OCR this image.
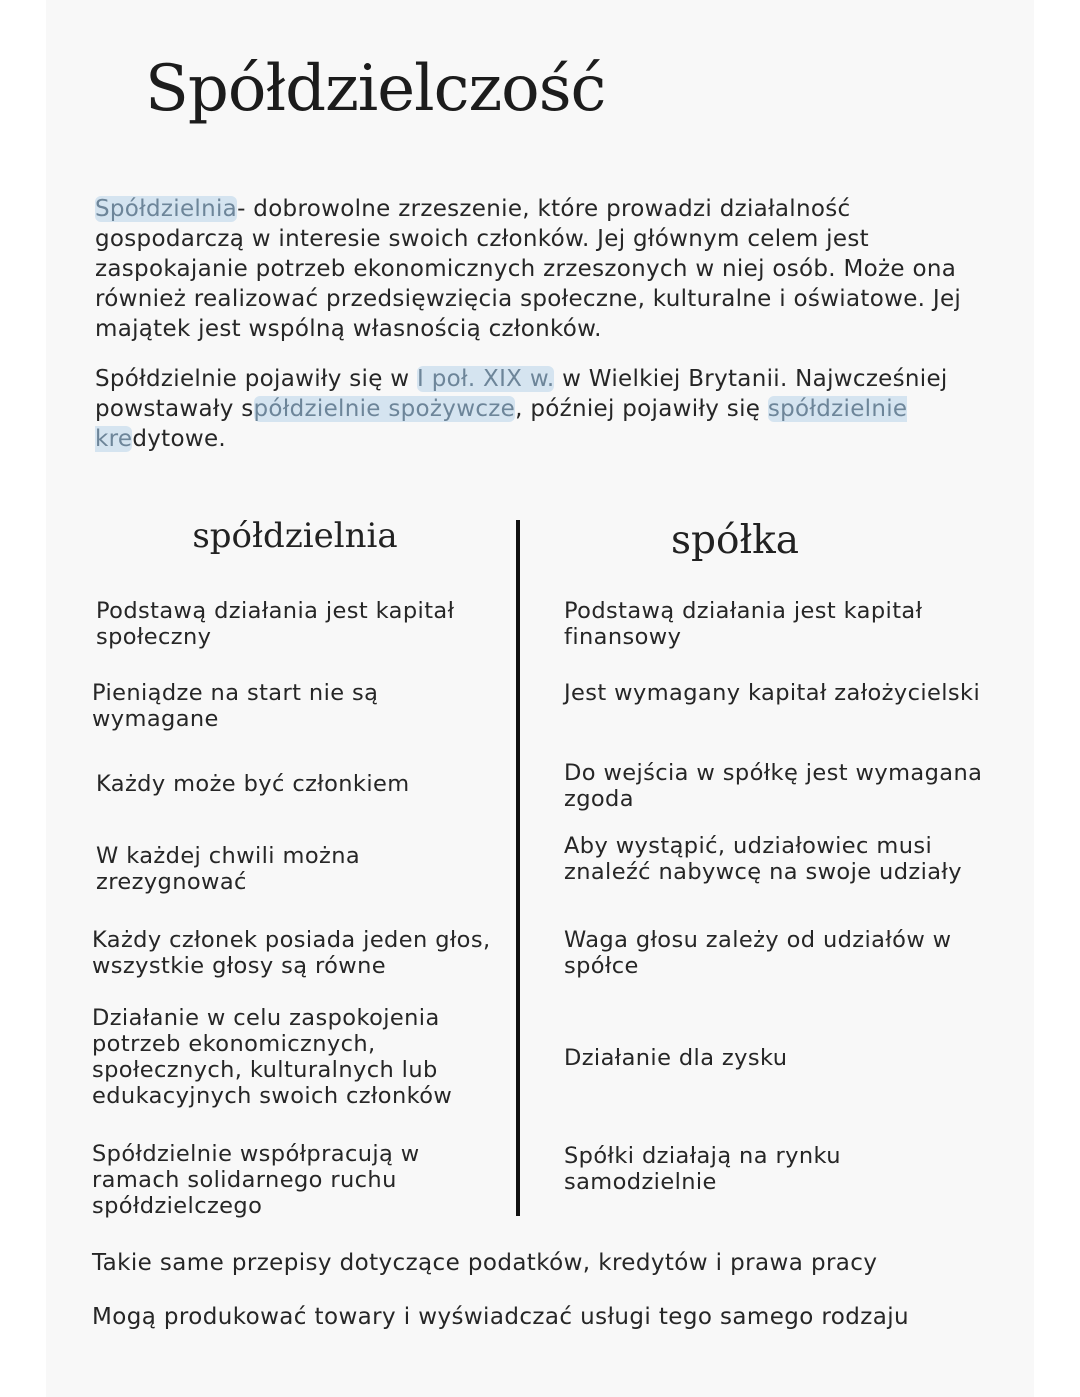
Spółdzielczość

Spółdzielnia- dobrowolne zrzeszenie, które prowadzi działalność gospodarczą w interesie swoich członków. Jej głównym celem jest zaspokajanie potrzeb ekonomicznych zrzeszonych w niej osób. Może ona również realizować przedsięwzięcia społeczne, kulturalne i oświatowe. Jej majątek jest wspólną własnością członków.

Spółdzielnie pojawiły się w I poł. XIX w. w Wielkiej Brytanii. Najwcześniej powstawały spółdzielnie spożywcze, później pojawiły się spółdzielnie kredytowe.

spółdzielnia	spółka
Podstawą działania jest kapitał społeczny
Podstawą działania jest kapitał finansowy
Pieniądze na start nie są wymagane
Jest wymagany kapitał założycielski
Każdy może być członkiem	Do wejścia w spółkę jest wymagana zgoda
W każdej chwili można zrezygnować
Aby wystąpić, udziałowiec musi znaleźć nabywcę na swoje udziały
Każdy członek posiada jeden głos, wszystkie głosy są równe
Waga głosu zależy od udziałów w spółce
Działanie w celu zaspokojenia potrzeb ekonomicznych, społecznych, kulturalnych lub edukacyjnych swoich członków
Działanie dla zysku
Spółdzielnie współpracują w ramach solidarnego ruchu spółdzielczego
Spółki działają na rynku samodzielnie
Takie same przepisy dotyczące podatków, kredytów i prawa pracy
Mogą produkować towary i wyświadczać usługi tego samego rodzaju
